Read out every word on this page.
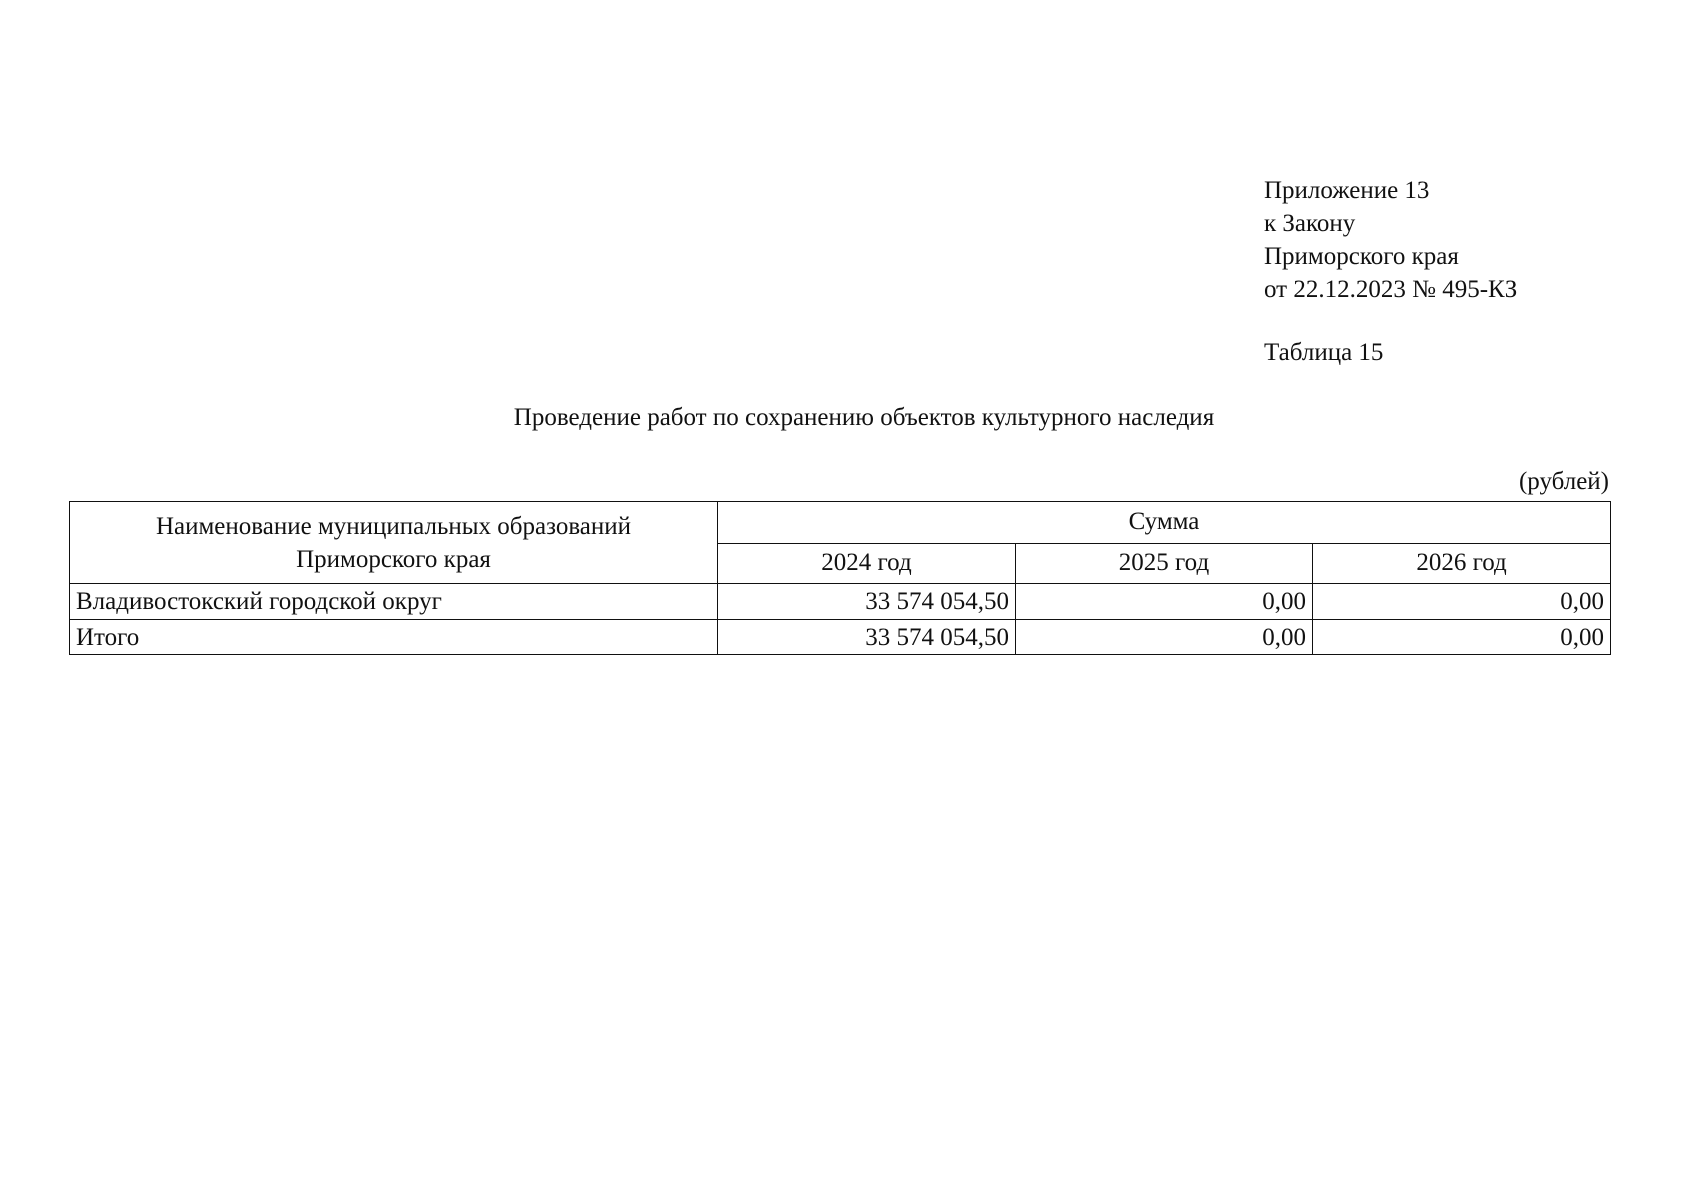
Приложение 13
к Закону
Приморского края
от 22.12.2023 № 495-КЗ
Таблица 15
Проведение работ по сохранению объектов культурного наследия
(рублей)
Наименование муниципальных образований
Приморского края	Сумма		
	2024 год	2025 год	2026 год
Владивостокский городской округ	33 574 054,50	0,00	0,00
Итого	33 574 054,50	0,00	0,00
